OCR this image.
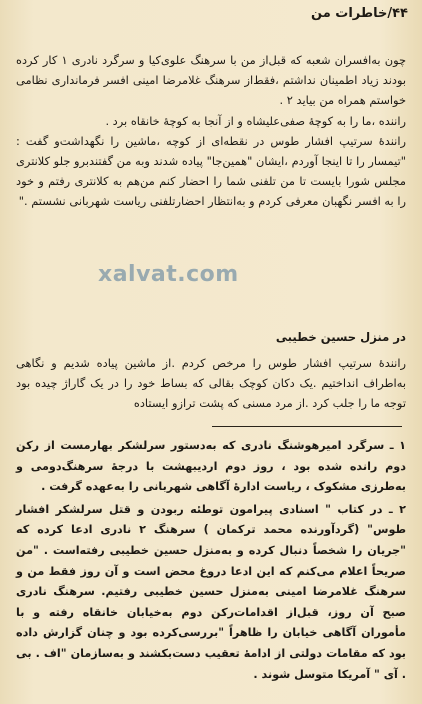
۴۴/خاطرات من

چون به‌افسران شعبه که قبل‌از من با سرهنگ علوی‌کیا و سرگرد نادری ۱ کار کرده بودند زیاد اطمینان نداشتم ،فقط‌از سرهنگ غلامرضا امینی افسر فرمانداری نظامی خواستم همراه من بیاید ۲ .

راننده ،ما را به کوچه‌ٔ صفی‌علیشاه و از آنجا به کوچه‌ٔ خانقاه برد .

راننده‌ٔ سرتیپ افشار طوس در نقطه‌ای از کوچه ،ماشین را نگهداشت‌و گفت : "تیمسار را تا اینجا آوردم ،ایشان "همین‌جا" پیاده شدند وبه من گفتندبرو جلو کلانتری مجلس شورا بایست تا من تلفنی شما را احضار کنم من‌هم به کلانتری رفتم و خود را به افسر نگهبان معرفی کردم و به‌انتظار احضارتلفنی ریاست شهربانی نشستم ."

xalvat.com
در منزل حسین خطیبی

راننده‌ٔ سرتیپ افشار طوس را مرخص کردم .از ماشین پیاده شدیم و نگاهی به‌اطراف انداختیم .یک دکان کوچک بقالی که بساط خود را در یک گاراژ چیده بود توجه ما را جلب کرد .از مرد مسنی که پشت ترازو ایستاده

۱ ـ سرگرد امیرهوشنگ نادری که به‌دستور سرلشکر بهارمست از رکن دوم رانده شده بود ، روز دوم اردیبهشت با درجهٔ سرهنگ‌دومی و به‌طرزی مشکوک ، ریاست اداره‌ٔ آگاهی شهربانی را به‌عهده گرفت .

۲ ـ در کتاب " اسنادی پیرامون توطئه ربودن و قتل سرلشکر افشار طوس" (گردآورنده محمد ترکمان ) سرهنگ ۲ نادری ادعا کرده که "جریان را شخصاً دنبال کرده و به‌منزل حسین خطیبی رفته‌است . "من صریحاً اعلام می‌کنم که این ادعا دروغ محض است و آن روز فقط من و سرهنگ غلامرضا امینی به‌منزل حسین خطیبی رفتیم. سرهنگ نادری صبح آن روز، قبل‌از اقدامات‌رکن دوم به‌خیابان خانقاه رفته و با مأموران آگاهی خیابان را ظاهراً "بررسی‌کرده بود و چنان گزارش داده بود که مقامات دولتی از ادامهٔ تعقیب دست‌بکشند و به‌سازمان "اف . بی . آی " آمریکا متوسل شوند .
